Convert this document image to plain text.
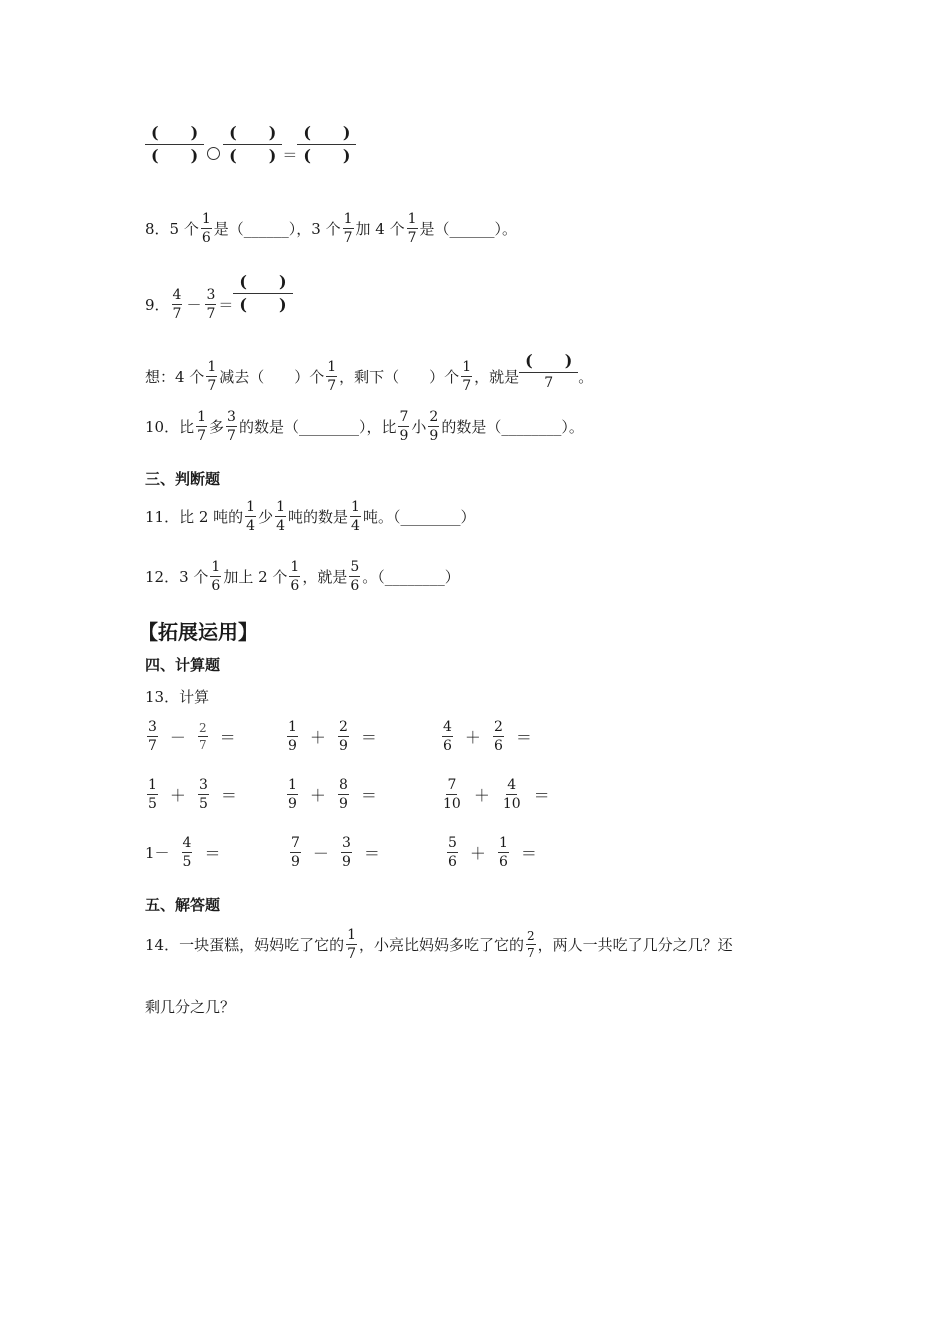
(　　)
(　　)
(　　)
(　　) ＝
(　　)
(　　)
8．5 个 $\frac{1}{6}$ 是（______），3 个 $\frac{1}{7}$ 加 4 个 $\frac{1}{7}$ 是（______）。
9． $\frac{4}{7} - \frac{3}{7}$ ＝
(　　)
(　　)
想：4 个 $\frac{1}{7}$ 减去（　　）个 $\frac{1}{7}$ ，剩下（　　）个 $\frac{1}{7}$ ，就是
(　　)
7	。
10．比 $\frac{1}{7}$ 多 $\frac{3}{7}$ 的数是（________），比 $\frac{7}{9}$ 小 $\frac{2}{9}$ 的数是（________）。
三、判断题
11．比 2 吨的 $\frac{1}{4}$ 少 $\frac{1}{4}$ 吨的数是 $\frac{1}{4}$ 吨。（________）
12．3 个 $\frac{1}{6}$ 加上 2 个 $\frac{1}{6}$ ，就是 $\frac{5}{6}$ 。（________）
【拓展运用】
四、计算题
13．计算
$\frac{3}{7} - \frac{2}{7}$ ＝	$\frac{1}{9} + \frac{2}{9}$ ＝	$\frac{4}{6} + \frac{2}{6}$ ＝
$\frac{1}{5} + \frac{3}{5}$ ＝	$\frac{1}{9} + \frac{8}{9}$ ＝	$\frac{7}{10} + \frac{4}{10}$ ＝
$1- \frac{4}{5}$ ＝	$\frac{7}{9} - \frac{3}{9}$ ＝	$\frac{5}{6} + \frac{1}{6}$ ＝
五、解答题
14．一块蛋糕，妈妈吃了它的 $\frac{1}{7}$ ，小亮比妈妈多吃了它的 $\frac{2}{7}$ ，两人一共吃了几分之几？还
剩几分之几？
